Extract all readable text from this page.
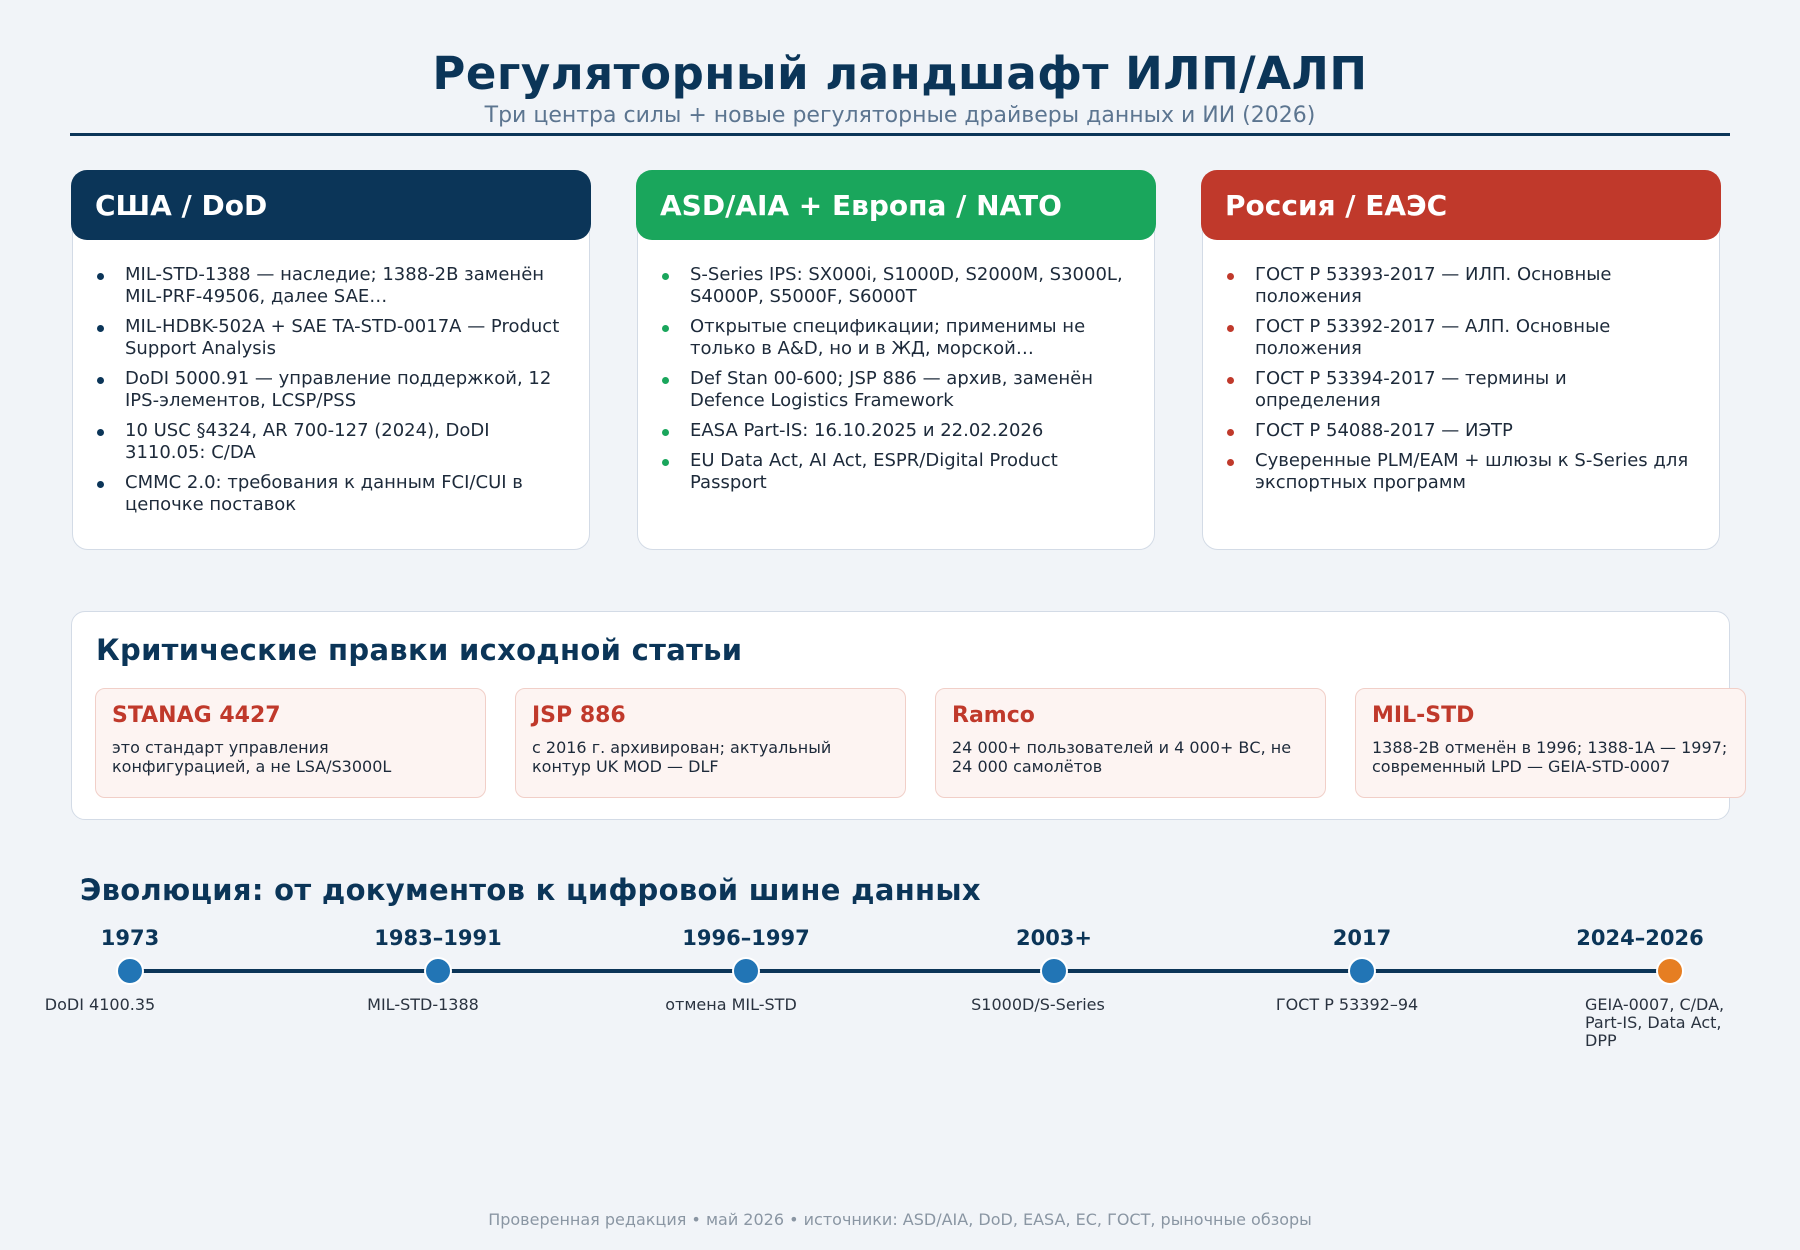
Регуляторный ландшафт ИЛП/АЛП
Три центра силы + новые регуляторные драйверы данных и ИИ (2026)
США / DoD
MIL-STD-1388 — наследие; 1388-2B заменён MIL-PRF-49506, далее SAE…
MIL-HDBK-502A + SAE TA-STD-0017A — Product Support Analysis
DoDI 5000.91 — управление поддержкой, 12 IPS-элементов, LCSP/PSS
10 USC §4324, AR 700-127 (2024), DoDI 3110.05: C/DA
CMMC 2.0: требования к данным FCI/CUI в цепочке поставок
ASD/AIA + Европа / NATO
S-Series IPS: SX000i, S1000D, S2000M, S3000L, S4000P, S5000F, S6000T
Открытые спецификации; применимы не только в A&D, но и в ЖД, морской…
Def Stan 00-600; JSP 886 — архив, заменён Defence Logistics Framework
EASA Part-IS: 16.10.2025 и 22.02.2026
EU Data Act, AI Act, ESPR/Digital Product Passport
Россия / ЕАЭС
ГОСТ Р 53393-2017 — ИЛП. Основные положения
ГОСТ Р 53392-2017 — АЛП. Основные положения
ГОСТ Р 53394-2017 — термины и определения
ГОСТ Р 54088-2017 — ИЭТР
Суверенные PLM/EAM + шлюзы к S-Series для экспортных программ
Критические правки исходной статьи
STANAG 4427
это стандарт управления конфигурацией, а не LSA/S3000L
JSP 886
с 2016 г. архивирован; актуальный контур UK MOD — DLF
Ramco
24 000+ пользователей и 4 000+ ВС, не 24 000 самолётов
MIL-STD
1388-2B отменён в 1996; 1388-1A — 1997; современный LPD — GEIA-STD-0007
Эволюция: от документов к цифровой шине данных
1973
DoDI 4100.35
1983–1991
MIL-STD-1388
1996–1997
отмена MIL-STD
2003+
S1000D/S-Series
2017
ГОСТ Р 53392–94
2024–2026
GEIA-0007, C/DA, Part-IS, Data Act, DPP
Проверенная редакция • май 2026 • источники: ASD/AIA, DoD, EASA, ЕС, ГОСТ, рыночные обзоры
